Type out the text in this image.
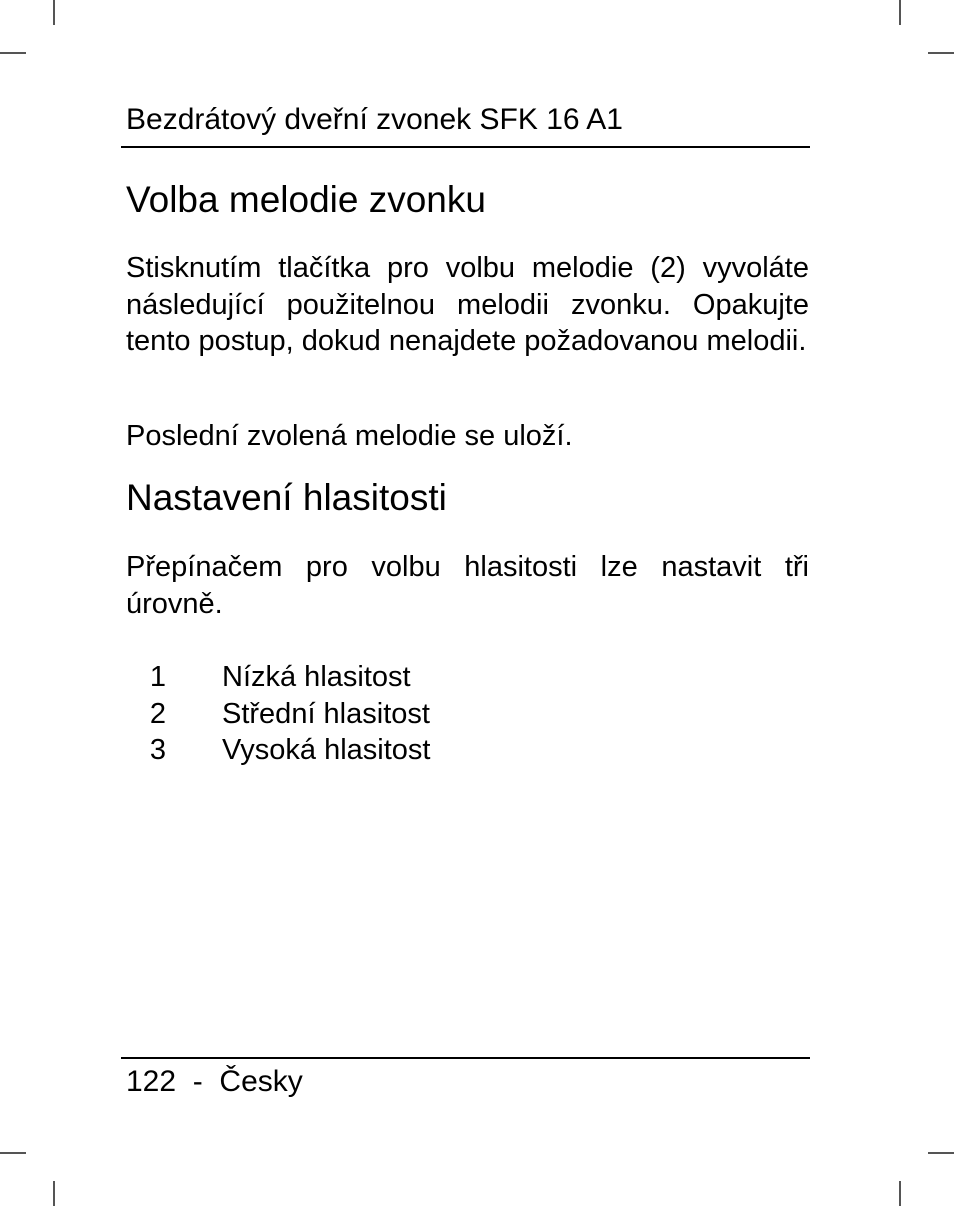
Bezdrátový dveřní zvonek SFK 16 A1
Volba melodie zvonku
Stisknutím tlačítka pro volbu melodie (2) vyvoláte následující použitelnou melodii zvonku. Opakujte tento postup, dokud nenajdete požadovanou melodii.
Poslední zvolená melodie se uloží.
Nastavení hlasitosti
Přepínačem pro volbu hlasitosti lze nastavit tři úrovně.
1 Nízká hlasitost
2 Střední hlasitost
3 Vysoká hlasitost
122 - Česky
